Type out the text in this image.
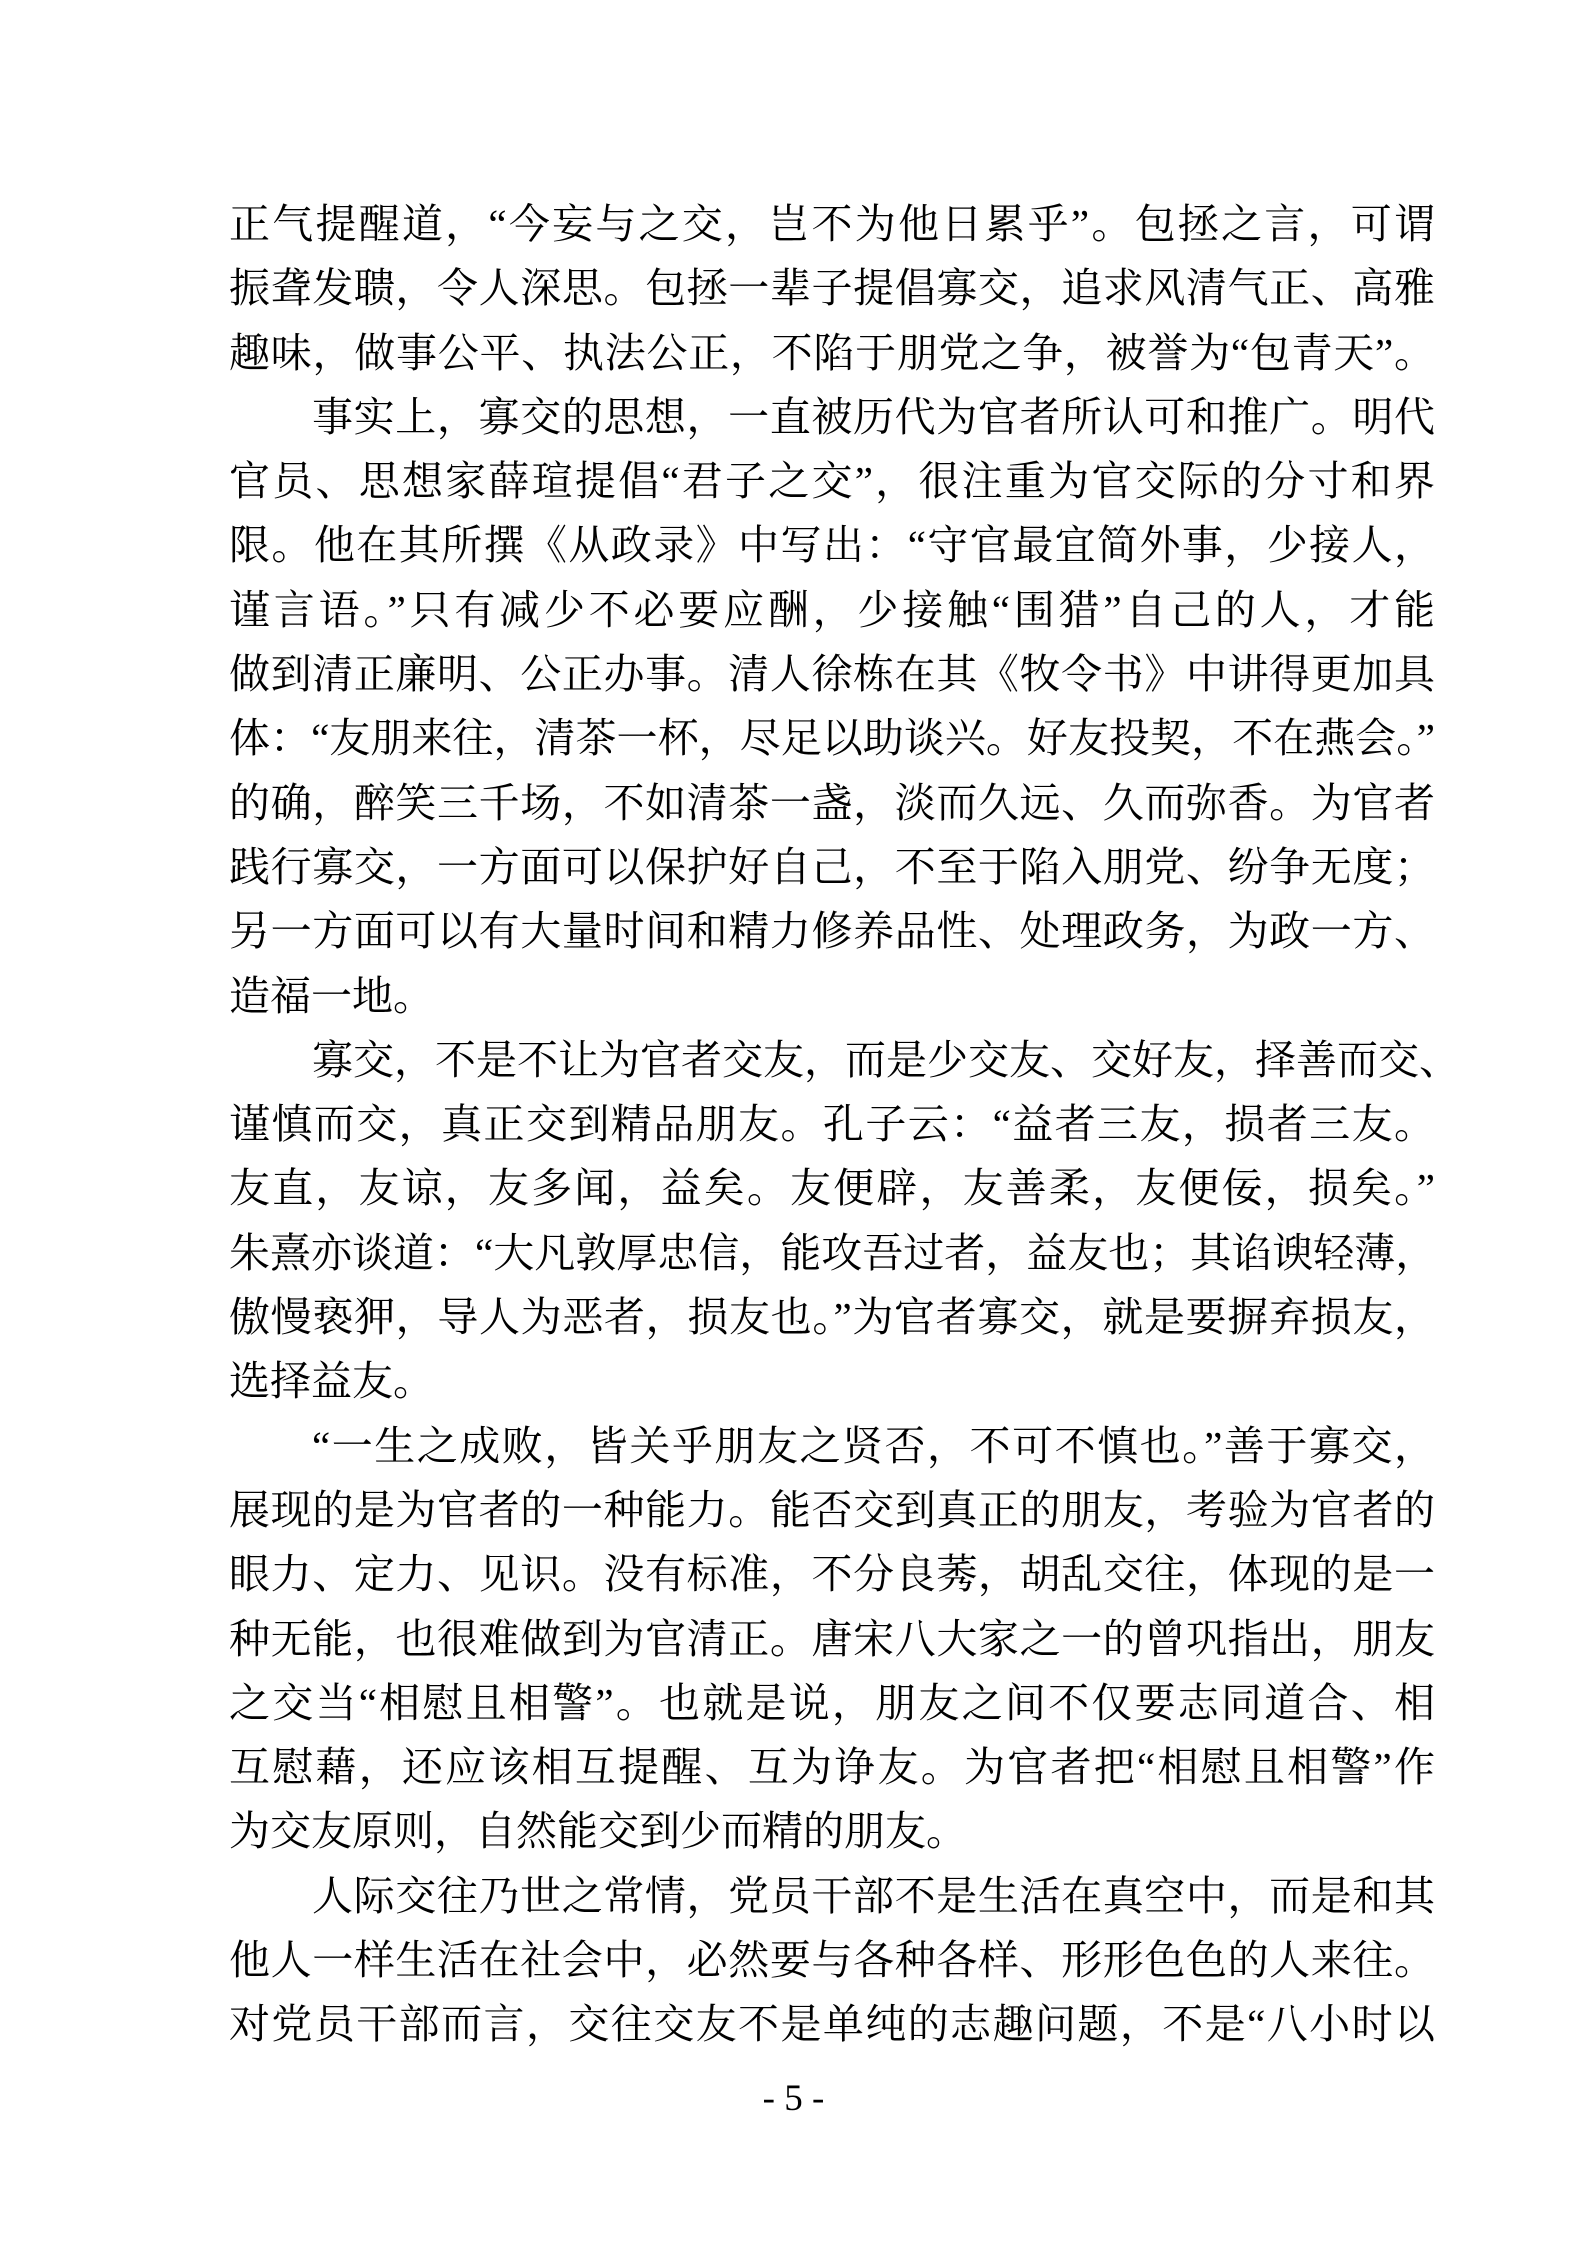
正气提醒道，“今妄与之交，岂不为他日累乎”。包拯之言，可谓
振聋发聩，令人深思。包拯一辈子提倡寡交，追求风清气正、高雅
趣味，做事公平、执法公正，不陷于朋党之争，被誉为“包青天”。
事实上，寡交的思想，一直被历代为官者所认可和推广。明代
官员、思想家薛瑄提倡“君子之交”，很注重为官交际的分寸和界
限。他在其所撰《从政录》中写出：“守官最宜简外事，少接人，
谨言语。”只有减少不必要应酬，少接触“围猎”自己的人，才能
做到清正廉明、公正办事。清人徐栋在其《牧令书》中讲得更加具
体：“友朋来往，清茶一杯，尽足以助谈兴。好友投契，不在燕会。”
的确，醉笑三千场，不如清茶一盏，淡而久远、久而弥香。为官者
践行寡交，一方面可以保护好自己，不至于陷入朋党、纷争无度；
另一方面可以有大量时间和精力修养品性、处理政务，为政一方、
造福一地。
寡交，不是不让为官者交友，而是少交友、交好友，择善而交、
谨慎而交，真正交到精品朋友。孔子云：“益者三友，损者三友。
友直，友谅，友多闻，益矣。友便辟，友善柔，友便佞，损矣。”
朱熹亦谈道：“大凡敦厚忠信，能攻吾过者，益友也；其谄谀轻薄，
傲慢亵狎，导人为恶者，损友也。”为官者寡交，就是要摒弃损友，
选择益友。
“一生之成败，皆关乎朋友之贤否，不可不慎也。”善于寡交，
展现的是为官者的一种能力。能否交到真正的朋友，考验为官者的
眼力、定力、见识。没有标准，不分良莠，胡乱交往，体现的是一
种无能，也很难做到为官清正。唐宋八大家之一的曾巩指出，朋友
之交当“相慰且相警”。也就是说，朋友之间不仅要志同道合、相
互慰藉，还应该相互提醒、互为诤友。为官者把“相慰且相警”作
为交友原则，自然能交到少而精的朋友。
人际交往乃世之常情，党员干部不是生活在真空中，而是和其
他人一样生活在社会中，必然要与各种各样、形形色色的人来往。
对党员干部而言，交往交友不是单纯的志趣问题，不是“八小时以
- 5 -
